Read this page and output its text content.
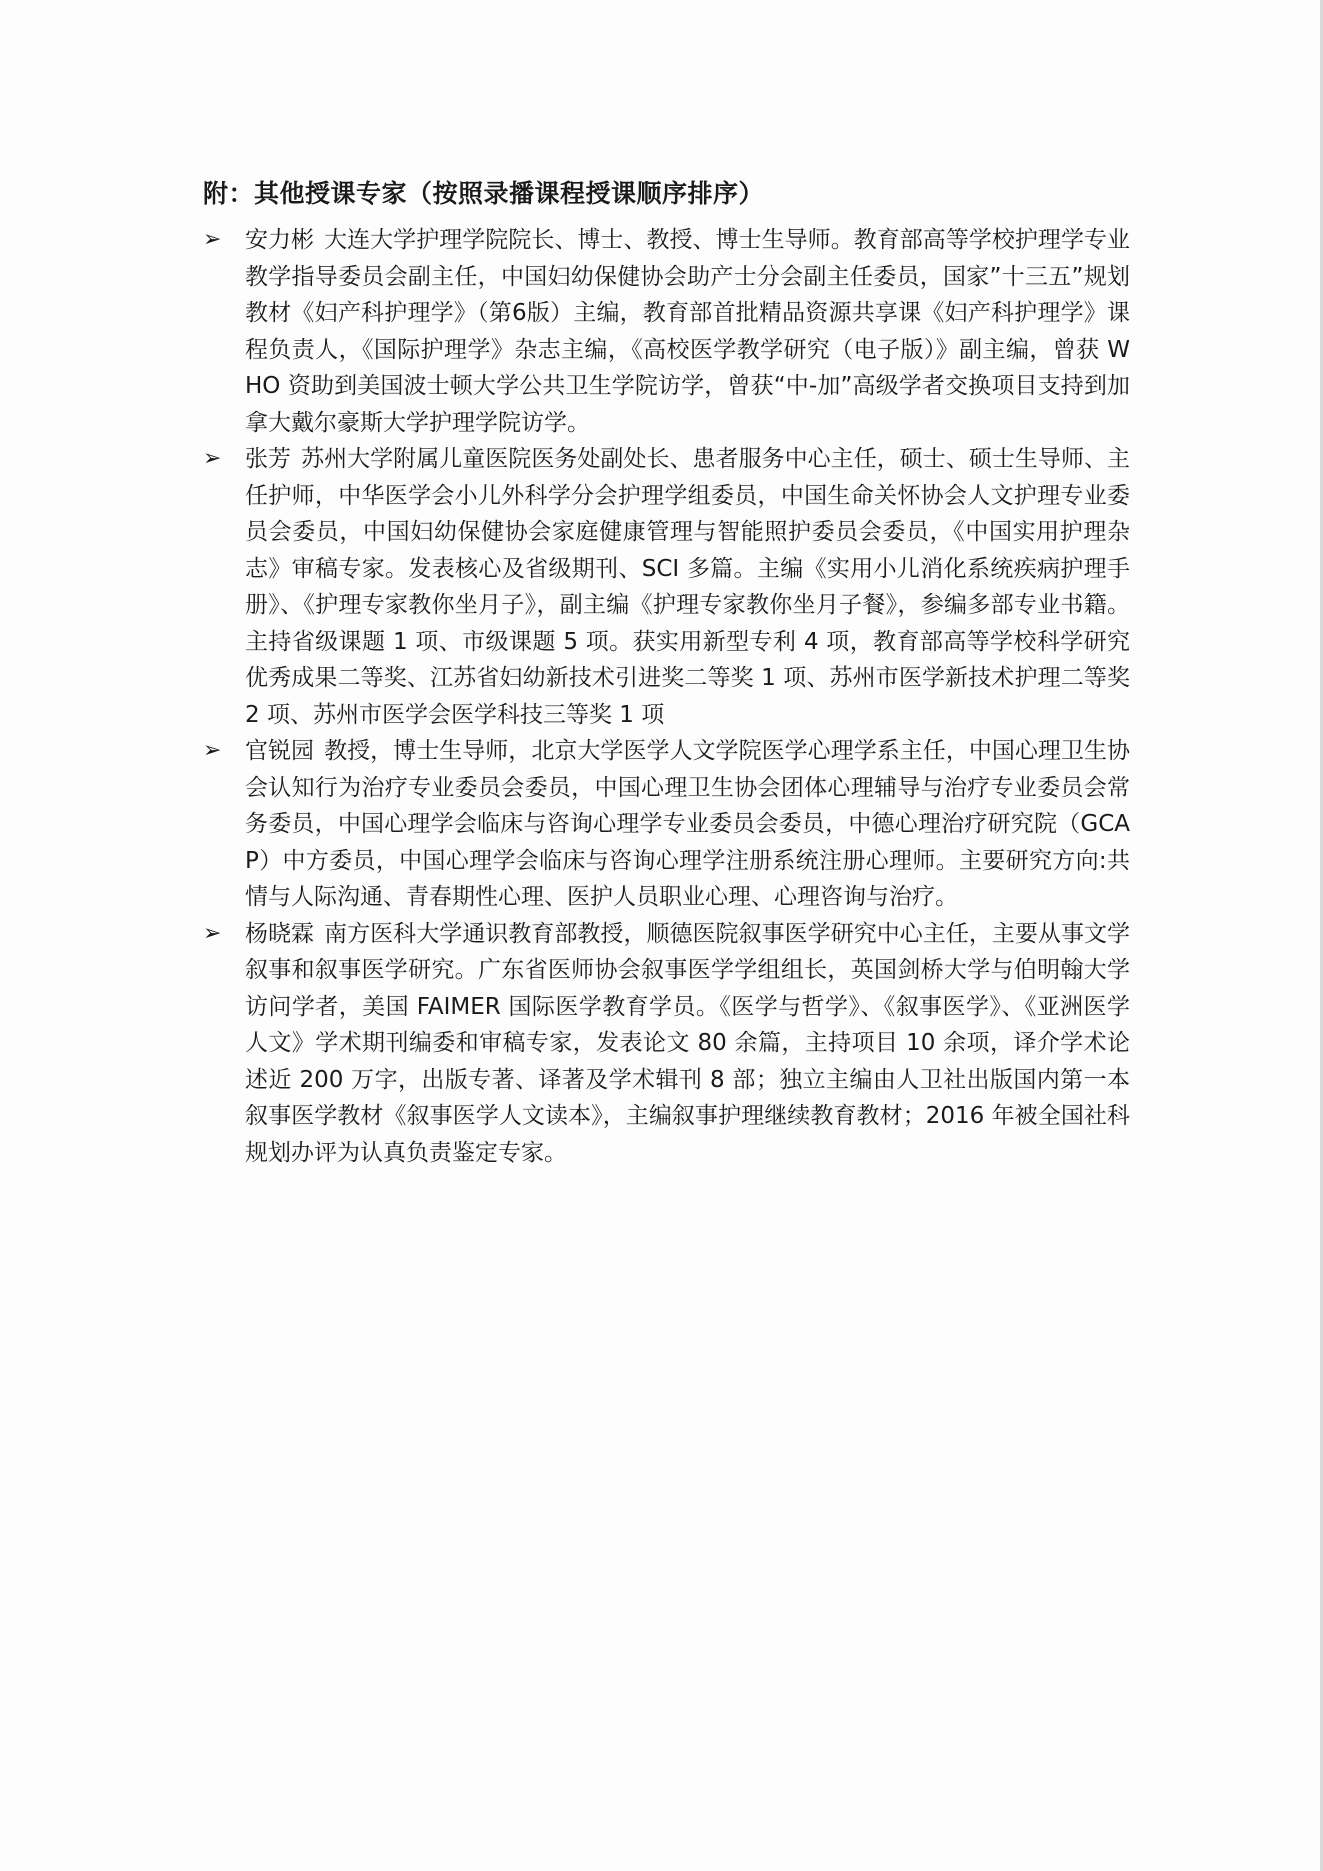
附：其他授课专家（按照录播课程授课顺序排序）
➢ 安力彬 大连大学护理学院院长、博士、教授、博士生导师。教育部高等学校护理学专业教学指导委员会副主任，中国妇幼保健协会助产士分会副主任委员，国家”十三五”规划教材《妇产科护理学》（第6版）主编，教育部首批精品资源共享课《妇产科护理学》课程负责人，《国际护理学》杂志主编，《高校医学教学研究（电子版）》副主编，曾获 WHO 资助到美国波士顿大学公共卫生学院访学，曾获“中-加”高级学者交换项目支持到加拿大戴尔豪斯大学护理学院访学。
➢ 张芳 苏州大学附属儿童医院医务处副处长、患者服务中心主任，硕士、硕士生导师、主任护师，中华医学会小儿外科学分会护理学组委员，中国生命关怀协会人文护理专业委员会委员，中国妇幼保健协会家庭健康管理与智能照护委员会委员，《中国实用护理杂志》审稿专家。发表核心及省级期刊、SCI 多篇。主编《实用小儿消化系统疾病护理手册》、《护理专家教你坐月子》，副主编《护理专家教你坐月子餐》，参编多部专业书籍。主持省级课题 1 项、市级课题 5 项。获实用新型专利 4 项，教育部高等学校科学研究优秀成果二等奖、江苏省妇幼新技术引进奖二等奖 1 项、苏州市医学新技术护理二等奖 2 项、苏州市医学会医学科技三等奖 1 项
➢ 官锐园 教授，博士生导师，北京大学医学人文学院医学心理学系主任，中国心理卫生协会认知行为治疗专业委员会委员，中国心理卫生协会团体心理辅导与治疗专业委员会常务委员，中国心理学会临床与咨询心理学专业委员会委员，中德心理治疗研究院（GCAP）中方委员，中国心理学会临床与咨询心理学注册系统注册心理师。主要研究方向:共情与人际沟通、青春期性心理、医护人员职业心理、心理咨询与治疗。
➢ 杨晓霖 南方医科大学通识教育部教授，顺德医院叙事医学研究中心主任，主要从事文学叙事和叙事医学研究。广东省医师协会叙事医学学组组长，英国剑桥大学与伯明翰大学访问学者，美国 FAIMER 国际医学教育学员。《医学与哲学》、《叙事医学》、《亚洲医学人文》学术期刊编委和审稿专家，发表论文 80 余篇，主持项目 10 余项，译介学术论述近 200 万字，出版专著、译著及学术辑刊 8 部；独立主编由人卫社出版国内第一本叙事医学教材《叙事医学人文读本》，主编叙事护理继续教育教材；2016 年被全国社科规划办评为认真负责鉴定专家。
